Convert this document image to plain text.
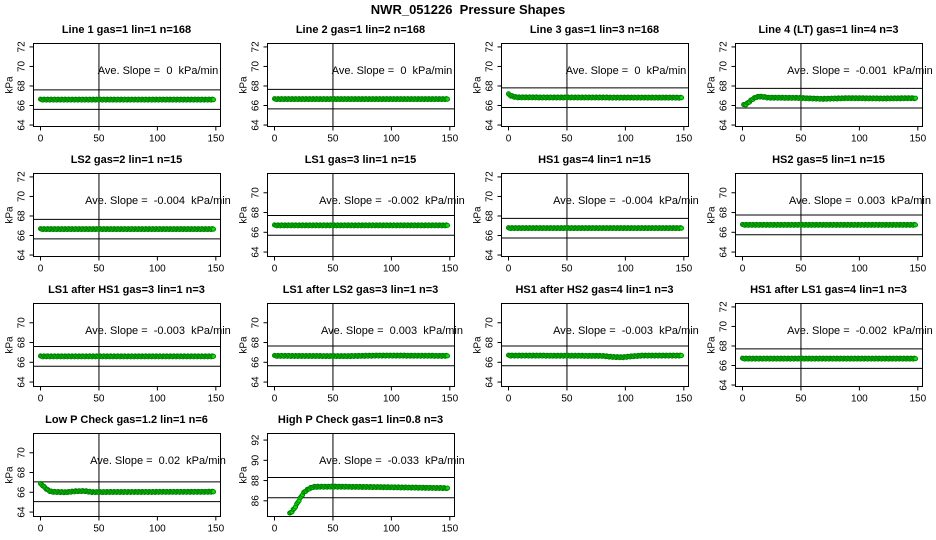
NWR_051226  Pressure Shapes
Line 1 gas=1 lin=1 n=168
64
66
68
70
72
kPa
0	50	100	150
Ave. Slope =  0  kPa/min
Line 2 gas=1 lin=2 n=168
64
66
68
70
72
kPa
0	50	100	150
Ave. Slope =  0  kPa/min
Line 3 gas=1 lin=3 n=168
64
66
68
70
72
kPa
0	50	100	150
Ave. Slope =  0  kPa/min
Line 4 (LT) gas=1 lin=4 n=3
64
66
68
70
72
kPa
0	50	100	150
Ave. Slope =  -0.001  kPa/min
LS2 gas=2 lin=1 n=15
64
66
68
70
72
kPa
0	50	100	150
Ave. Slope =  -0.004  kPa/min
LS1 gas=3 lin=1 n=15
64
66
68
70
kPa
0	50	100	150
Ave. Slope =  -0.002  kPa/min
HS1 gas=4 lin=1 n=15
64
66
68
70
72
kPa
0	50	100	150
Ave. Slope =  -0.004  kPa/min
HS2 gas=5 lin=1 n=15
64
66
68
70
kPa
0	50	100	150
Ave. Slope =  0.003  kPa/min
LS1 after HS1 gas=3 lin=1 n=3
64
66
68
70
kPa
0	50	100	150
Ave. Slope =  -0.003  kPa/min
LS1 after LS2 gas=3 lin=1 n=3
64
66
68
70
kPa
0	50	100	150
Ave. Slope =  0.003  kPa/min
HS1 after HS2 gas=4 lin=1 n=3
64
66
68
70
kPa
0	50	100	150
Ave. Slope =  -0.003  kPa/min
HS1 after LS1 gas=4 lin=1 n=3
64
66
68
70
72
kPa
0	50	100	150
Ave. Slope =  -0.002  kPa/min
Low P Check gas=1.2 lin=1 n=6
64
66
68
70
kPa
0	50	100	150
Ave. Slope =  0.02  kPa/min
High P Check gas=1 lin=0.8 n=3
86
88
90
92
kPa
0	50	100	150
Ave. Slope =  -0.033  kPa/min
